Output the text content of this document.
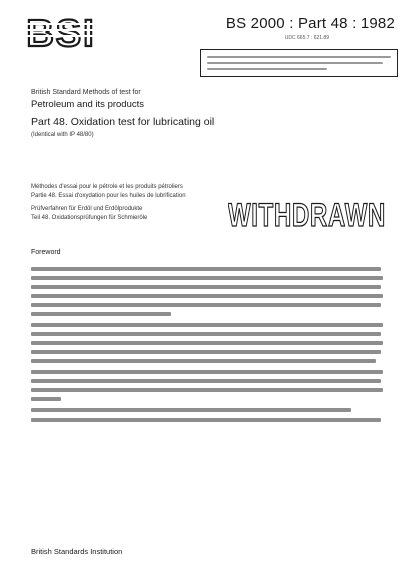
BSI	BS 2000 : Part 48 : 1982
UDC 665.7 : 621.89
British Standard Methods of test for
Petroleum and its products
Part 48. Oxidation test for lubricating oil
(Identical with IP 48/80)
Méthodes d'essai pour le pétrole et les produits pétroliers
Partie 48. Essai d'oxydation pour les huiles de lubrification
Prüfverfahren für Erdöl und Erdölprodukte
Teil 48. Oxidationsprüfungen für Schmieröle	WITHDRAWN
Foreword
British Standards Institution
